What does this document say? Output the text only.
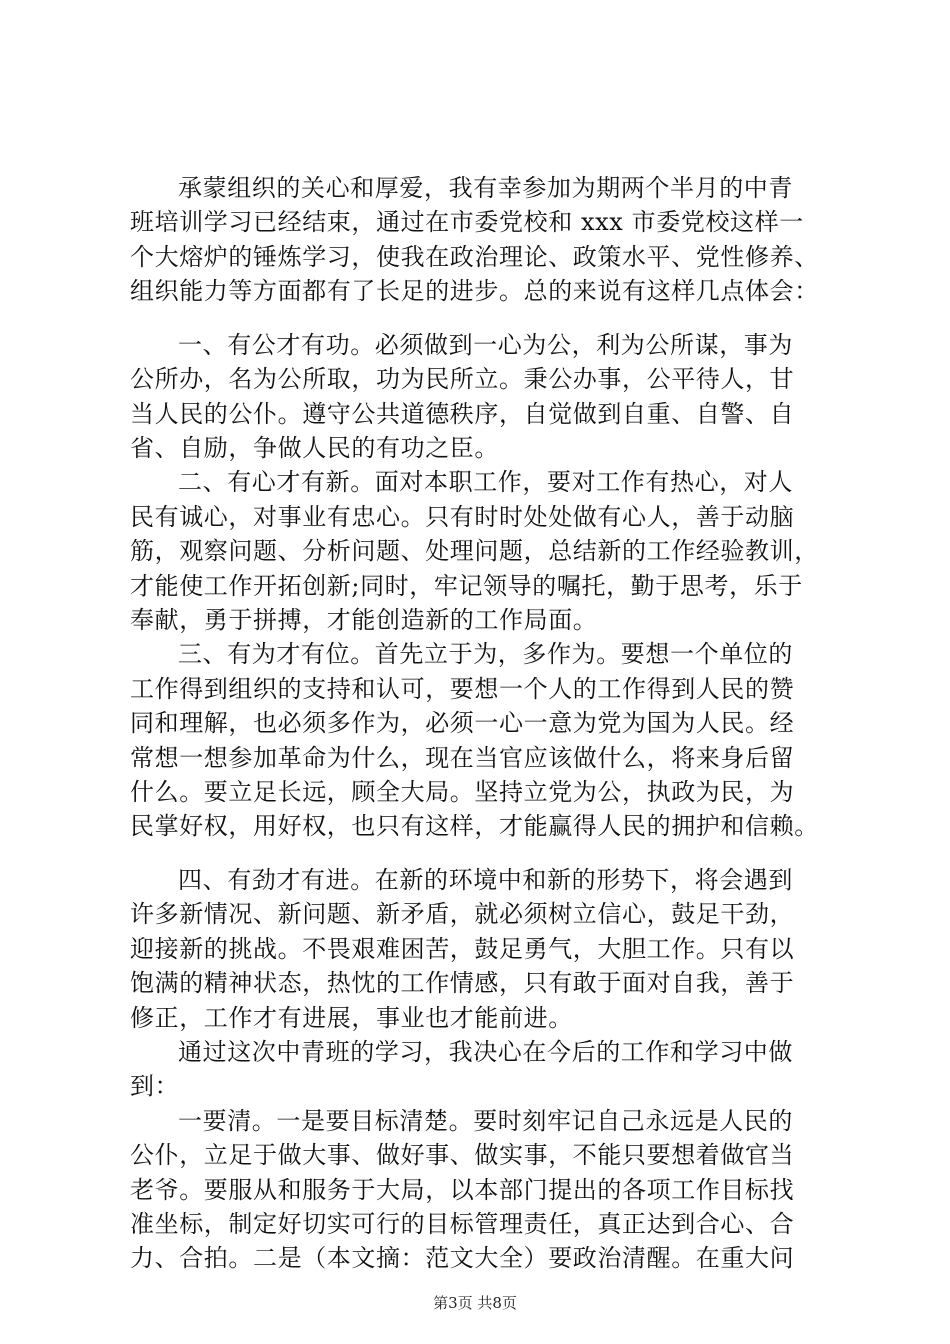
承蒙组织的关心和厚爱，我有幸参加为期两个半月的中青
班培训学习已经结束，通过在市委党校和 xxx 市委党校这样一
个大熔炉的锤炼学习，使我在政治理论、政策水平、党性修养、
组织能力等方面都有了长足的进步。总的来说有这样几点体会：
一、有公才有功。必须做到一心为公，利为公所谋，事为
公所办，名为公所取，功为民所立。秉公办事，公平待人，甘
当人民的公仆。遵守公共道德秩序，自觉做到自重、自警、自
省、自励，争做人民的有功之臣。
二、有心才有新。面对本职工作，要对工作有热心，对人
民有诚心，对事业有忠心。只有时时处处做有心人，善于动脑
筋，观察问题、分析问题、处理问题，总结新的工作经验教训，
才能使工作开拓创新;同时，牢记领导的嘱托，勤于思考，乐于
奉献，勇于拼搏，才能创造新的工作局面。
三、有为才有位。首先立于为，多作为。要想一个单位的
工作得到组织的支持和认可，要想一个人的工作得到人民的赞
同和理解，也必须多作为，必须一心一意为党为国为人民。经
常想一想参加革命为什么，现在当官应该做什么，将来身后留
什么。要立足长远，顾全大局。坚持立党为公，执政为民，为
民掌好权，用好权，也只有这样，才能赢得人民的拥护和信赖。
四、有劲才有进。在新的环境中和新的形势下，将会遇到
许多新情况、新问题、新矛盾，就必须树立信心，鼓足干劲，
迎接新的挑战。不畏艰难困苦，鼓足勇气，大胆工作。只有以
饱满的精神状态，热忱的工作情感，只有敢于面对自我，善于
修正，工作才有进展，事业也才能前进。
通过这次中青班的学习，我决心在今后的工作和学习中做
到：
一要清。一是要目标清楚。要时刻牢记自己永远是人民的
公仆，立足于做大事、做好事、做实事，不能只要想着做官当
老爷。要服从和服务于大局，以本部门提出的各项工作目标找
准坐标，制定好切实可行的目标管理责任，真正达到合心、合
力、合拍。二是（本文摘：范文大全）要政治清醒。在重大问
第3页 共8页
